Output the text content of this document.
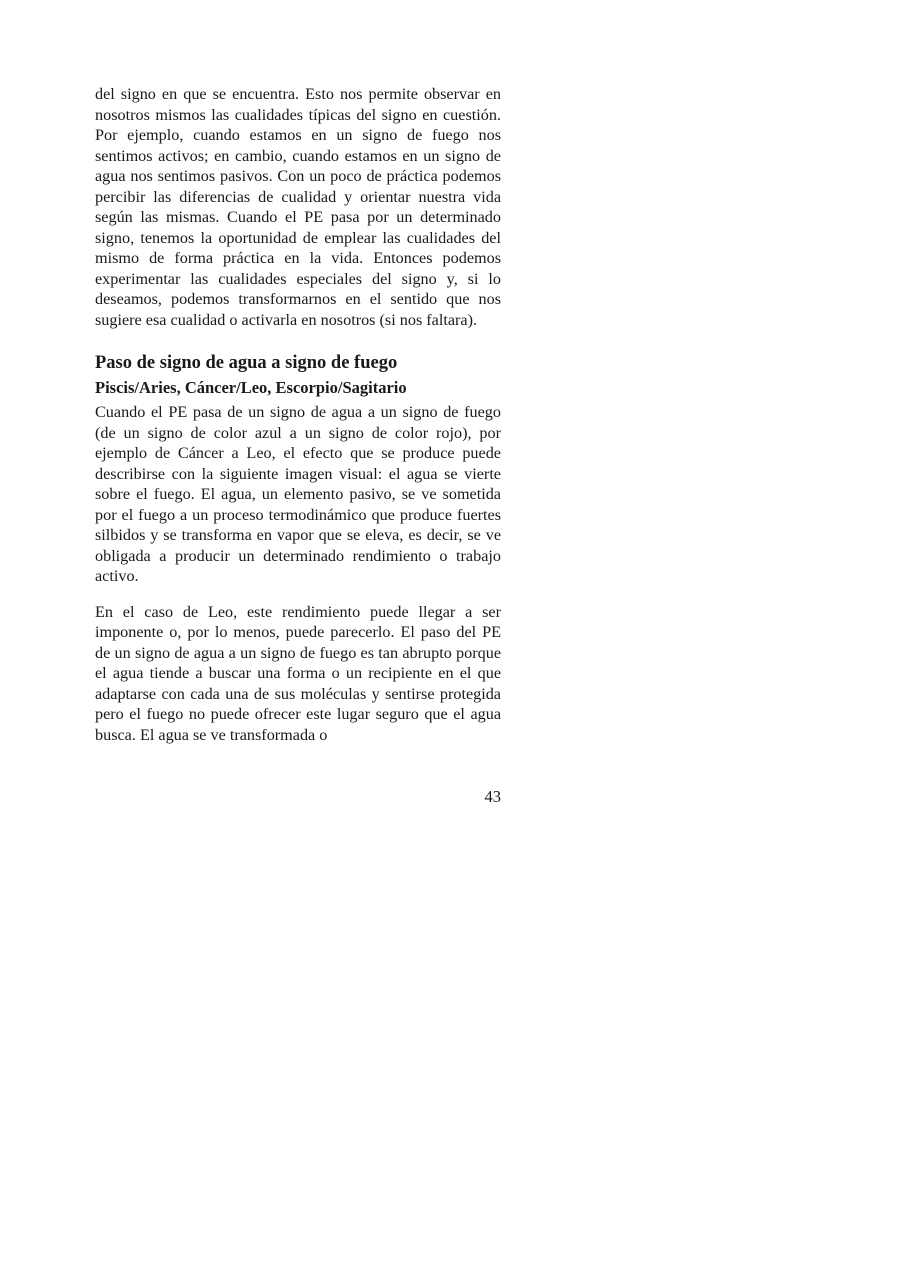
del signo en que se encuentra. Esto nos permite observar en nosotros mismos las cualidades típicas del signo en cuestión. Por ejemplo, cuando estamos en un signo de fuego nos sentimos activos; en cambio, cuando estamos en un signo de agua nos sentimos pasivos. Con un poco de práctica podemos percibir las diferencias de cualidad y orientar nuestra vida según las mismas. Cuando el PE pasa por un determinado signo, tenemos la oportunidad de emplear las cualidades del mismo de forma práctica en la vida. Entonces podemos experimentar las cualidades especiales del signo y, si lo deseamos, podemos transformarnos en el sentido que nos sugiere esa cualidad o activarla en nosotros (si nos faltara).

Paso de signo de agua a signo de fuego
Piscis/Aries, Cáncer/Leo, Escorpio/Sagitario

Cuando el PE pasa de un signo de agua a un signo de fuego (de un signo de color azul a un signo de color rojo), por ejemplo de Cáncer a Leo, el efecto que se produce puede describirse con la siguiente imagen visual: el agua se vierte sobre el fuego. El agua, un elemento pasivo, se ve sometida por el fuego a un proceso termodinámico que produce fuertes silbidos y se transforma en vapor que se eleva, es decir, se ve obligada a producir un determinado rendimiento o trabajo activo.

En el caso de Leo, este rendimiento puede llegar a ser imponente o, por lo menos, puede parecerlo. El paso del PE de un signo de agua a un signo de fuego es tan abrupto porque el agua tiende a buscar una forma o un recipiente en el que adaptarse con cada una de sus moléculas y sentirse protegida pero el fuego no puede ofrecer este lugar seguro que el agua busca. El agua se ve transformada o

43
